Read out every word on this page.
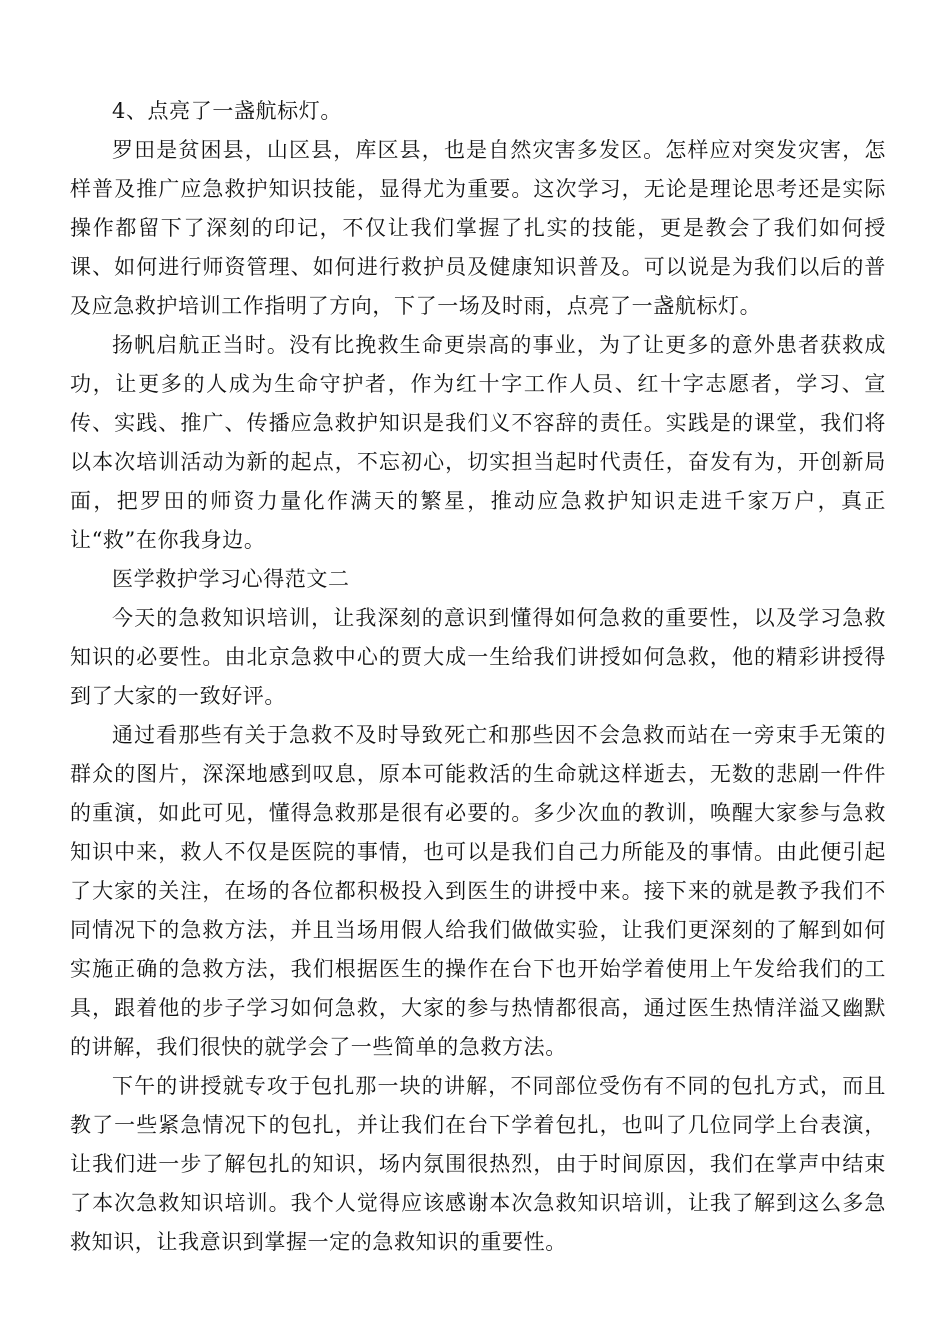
4、点亮了一盏航标灯。

罗田是贫困县，山区县，库区县，也是自然灾害多发区。怎样应对突发灾害，怎样普及推广应急救护知识技能，显得尤为重要。这次学习，无论是理论思考还是实际操作都留下了深刻的印记，不仅让我们掌握了扎实的技能，更是教会了我们如何授课、如何进行师资管理、如何进行救护员及健康知识普及。可以说是为我们以后的普及应急救护培训工作指明了方向，下了一场及时雨，点亮了一盏航标灯。

扬帆启航正当时。没有比挽救生命更崇高的事业，为了让更多的意外患者获救成功，让更多的人成为生命守护者，作为红十字工作人员、红十字志愿者，学习、宣传、实践、推广、传播应急救护知识是我们义不容辞的责任。实践是的课堂，我们将以本次培训活动为新的起点，不忘初心，切实担当起时代责任，奋发有为，开创新局面，把罗田的师资力量化作满天的繁星，推动应急救护知识走进千家万户，真正让“救”在你我身边。

医学救护学习心得范文二

今天的急救知识培训，让我深刻的意识到懂得如何急救的重要性，以及学习急救知识的必要性。由北京急救中心的贾大成一生给我们讲授如何急救，他的精彩讲授得到了大家的一致好评。

通过看那些有关于急救不及时导致死亡和那些因不会急救而站在一旁束手无策的群众的图片，深深地感到叹息，原本可能救活的生命就这样逝去，无数的悲剧一件件的重演，如此可见，懂得急救那是很有必要的。多少次血的教训，唤醒大家参与急救知识中来，救人不仅是医院的事情，也可以是我们自己力所能及的事情。由此便引起了大家的关注，在场的各位都积极投入到医生的讲授中来。接下来的就是教予我们不同情况下的急救方法，并且当场用假人给我们做做实验，让我们更深刻的了解到如何实施正确的急救方法，我们根据医生的操作在台下也开始学着使用上午发给我们的工具，跟着他的步子学习如何急救，大家的参与热情都很高，通过医生热情洋溢又幽默的讲解，我们很快的就学会了一些简单的急救方法。

下午的讲授就专攻于包扎那一块的讲解，不同部位受伤有不同的包扎方式，而且教了一些紧急情况下的包扎，并让我们在台下学着包扎，也叫了几位同学上台表演，让我们进一步了解包扎的知识，场内氛围很热烈，由于时间原因，我们在掌声中结束了本次急救知识培训。我个人觉得应该感谢本次急救知识培训，让我了解到这么多急救知识，让我意识到掌握一定的急救知识的重要性。
